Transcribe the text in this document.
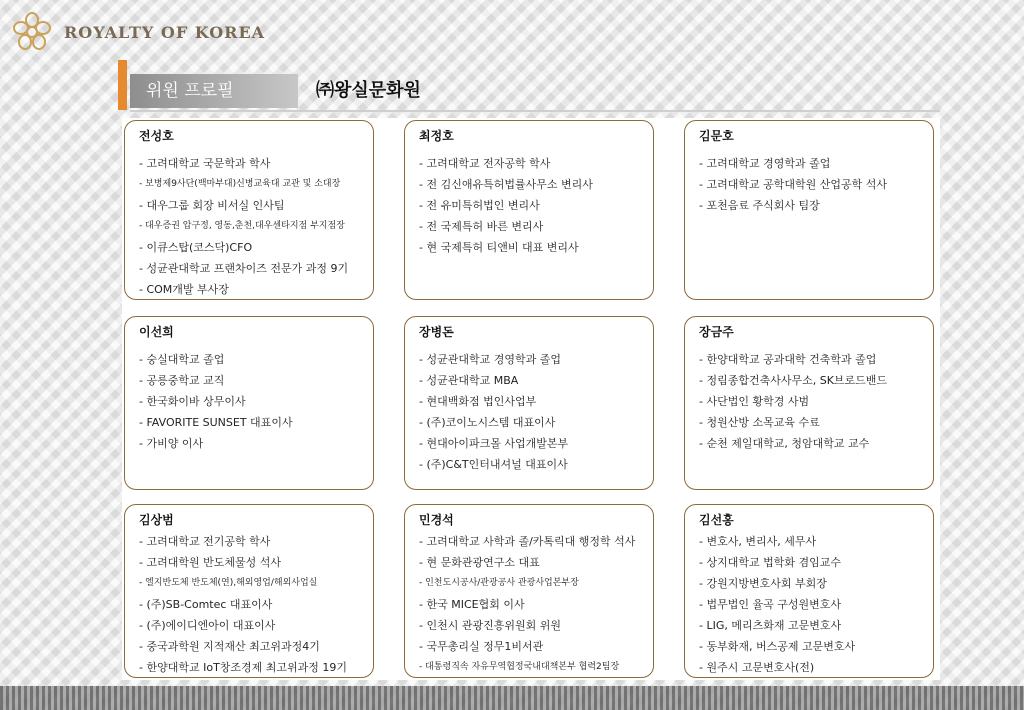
ROYALTY OF KOREA
위원 프로필	㈜왕실문화원
전성호
- 고려대학교 국문학과 학사
- 보병제9사단(백마부대)신병교육대 교관 및 소대장
- 대우그룹 회장 비서실 인사팀
- 대우증권 압구정, 영동,춘천,대우센타지점 부지점장
- 이큐스탑(코스닥)CFO
- 성균관대학교 프랜차이즈 전문가 과정 9기
- COM개발 부사장
최정호
- 고려대학교 전자공학 학사
- 전 김신애유특허법률사무소 변리사
- 전 유미특허법인 변리사
- 전 국제특허 바른 변리사
- 현 국제특허 티앤비 대표 변리사
김문호
- 고려대학교 경영학과 졸업
- 고려대학교 공학대학원 산업공학 석사
- 포천음료 주식회사 팀장
이선희
- 숭실대학교 졸업
- 공릉중학교 교직
- 한국화이바 상무이사
- FAVORITE SUNSET 대표이사
- 가비양 이사
장병돈
- 성균관대학교 경영학과 졸업
- 성균관대학교 MBA
- 현대백화점 법인사업부
- (주)코이노시스템 대표이사
- 현대아이파크몰 사업개발본부
- (주)C&T인터내셔널 대표이사
장금주
- 한양대학교 공과대학 건축학과 졸업
- 정림종합건축사사무소, SK브로드밴드
- 사단법인 황학경 사범
- 청원산방 소목교육 수료
- 순천 제일대학교, 청암대학교 교수
김상범
- 고려대학교 전기공학 학사
- 고려대학원 반도체물성 석사
- 엘지반도체 반도체(연),해외영업/해외사업실
- (주)SB-Comtec 대표이사
- (주)에이디엔아이 대표이사
- 중국과학원 지적재산 최고위과정4기
- 한양대학교 IoT창조경제 최고위과정 19기
민경석
- 고려대학교 사학과 졸/카톡릭대 행정학 석사
- 현 문화관광연구소 대표
- 인천도시공사/관광공사 관광사업본부장
- 한국 MICE협회 이사
- 인천시 관광진흥위원회 위원
- 국무총리실 정무1비서관
- 대통령직속 자유무역협정국내대책본부 협력2팀장
김선홍
- 변호사, 변리사, 세무사
- 상지대학교 법학화 겸임교수
- 강원지방변호사회 부회장
- 법무법인 율곡 구성원변호사
- LIG, 메리츠화재 고문변호사
- 동부화재, 버스공제 고문변호사
- 원주시 고문변호사(전)
